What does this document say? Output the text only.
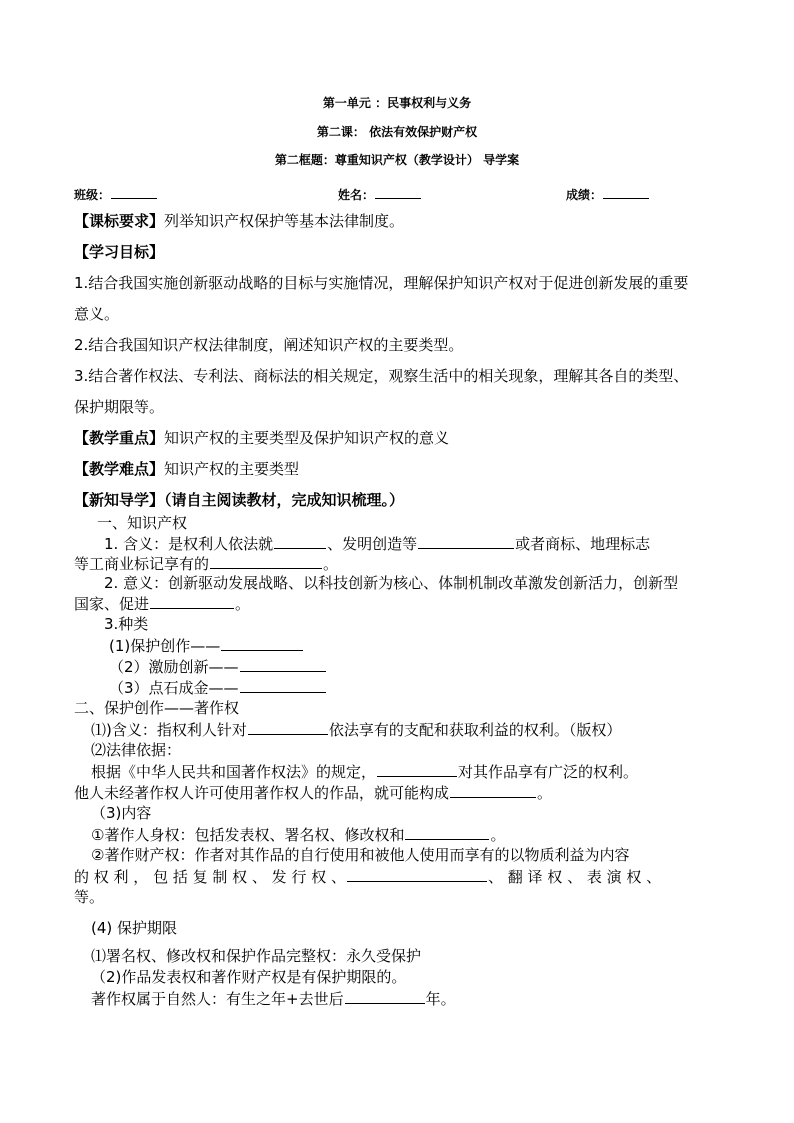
第一单元 ：民事权利与义务
第二课： 依法有效保护财产权
第二框题：尊重知识产权（教学设计） 导学案
班级：	姓名：	成绩：
【课标要求】列举知识产权保护等基本法律制度。
【学习目标】
1.结合我国实施创新驱动战略的目标与实施情况，理解保护知识产权对于促进创新发展的重要
意义。
2.结合我国知识产权法律制度，阐述知识产权的主要类型。
3.结合著作权法、专利法、商标法的相关规定，观察生活中的相关现象，理解其各自的类型、
保护期限等。
【教学重点】知识产权的主要类型及保护知识产权的意义
【教学难点】知识产权的主要类型
【新知导学】（请自主阅读教材，完成知识梳理。）
一、知识产权
1. 含义：是权利人依法就	、发明创造等	或者商标、地理标志
等工商业标记享有的	。
2. 意义：创新驱动发展战略、以科技创新为核心、体制机制改革激发创新活力，创新型
国家、促进	。
3.种类
(1)保护创作——
（2）激励创新——
（3）点石成金——
二、保护创作——著作权
⑴)含义：指权利人针对	依法享有的支配和获取利益的权利。（版权）
⑵法律依据：
根据《中华人民共和国著作权法》的规定，	对其作品享有广泛的权利。
他人未经著作权人许可使用著作权人的作品，就可能构成	。
（3)内容
①著作人身权：包括发表权、署名权、修改权和	。
②著作财产权：作者对其作品的自行使用和被他人使用而享有的以物质利益为内容
的 权 利 ， 包 括 复 制 权 、 发 行 权 、	、 翻 译 权 、 表 演 权 、
等。
(4) 保护期限
⑴署名权、修改权和保护作品完整权：永久受保护
（2)作品发表权和著作财产权是有保护期限的。
著作权属于自然人：有生之年+去世后	年。
